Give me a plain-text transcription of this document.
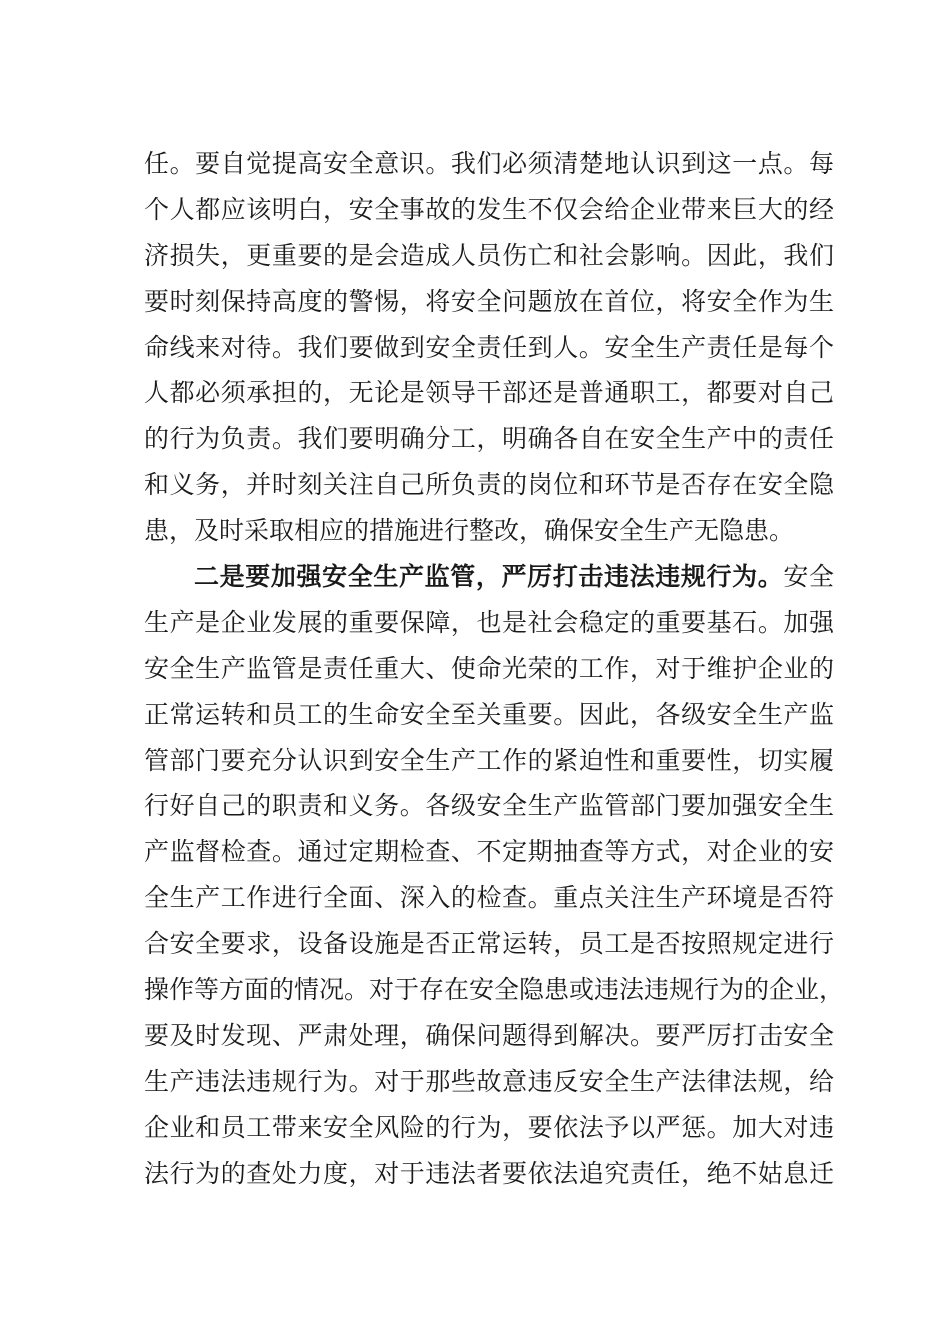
任。要自觉提高安全意识。我们必须清楚地认识到这一点。每
个人都应该明白，安全事故的发生不仅会给企业带来巨大的经
济损失，更重要的是会造成人员伤亡和社会影响。因此，我们
要时刻保持高度的警惕，将安全问题放在首位，将安全作为生
命线来对待。我们要做到安全责任到人。安全生产责任是每个
人都必须承担的，无论是领导干部还是普通职工，都要对自己
的行为负责。我们要明确分工，明确各自在安全生产中的责任
和义务，并时刻关注自己所负责的岗位和环节是否存在安全隐
患，及时采取相应的措施进行整改，确保安全生产无隐患。
二是要加强安全生产监管，严厉打击违法违规行为。安全
生产是企业发展的重要保障，也是社会稳定的重要基石。加强
安全生产监管是责任重大、使命光荣的工作，对于维护企业的
正常运转和员工的生命安全至关重要。因此，各级安全生产监
管部门要充分认识到安全生产工作的紧迫性和重要性，切实履
行好自己的职责和义务。各级安全生产监管部门要加强安全生
产监督检查。通过定期检查、不定期抽查等方式，对企业的安
全生产工作进行全面、深入的检查。重点关注生产环境是否符
合安全要求，设备设施是否正常运转，员工是否按照规定进行
操作等方面的情况。对于存在安全隐患或违法违规行为的企业，
要及时发现、严肃处理，确保问题得到解决。要严厉打击安全
生产违法违规行为。对于那些故意违反安全生产法律法规，给
企业和员工带来安全风险的行为，要依法予以严惩。加大对违
法行为的查处力度，对于违法者要依法追究责任，绝不姑息迁
